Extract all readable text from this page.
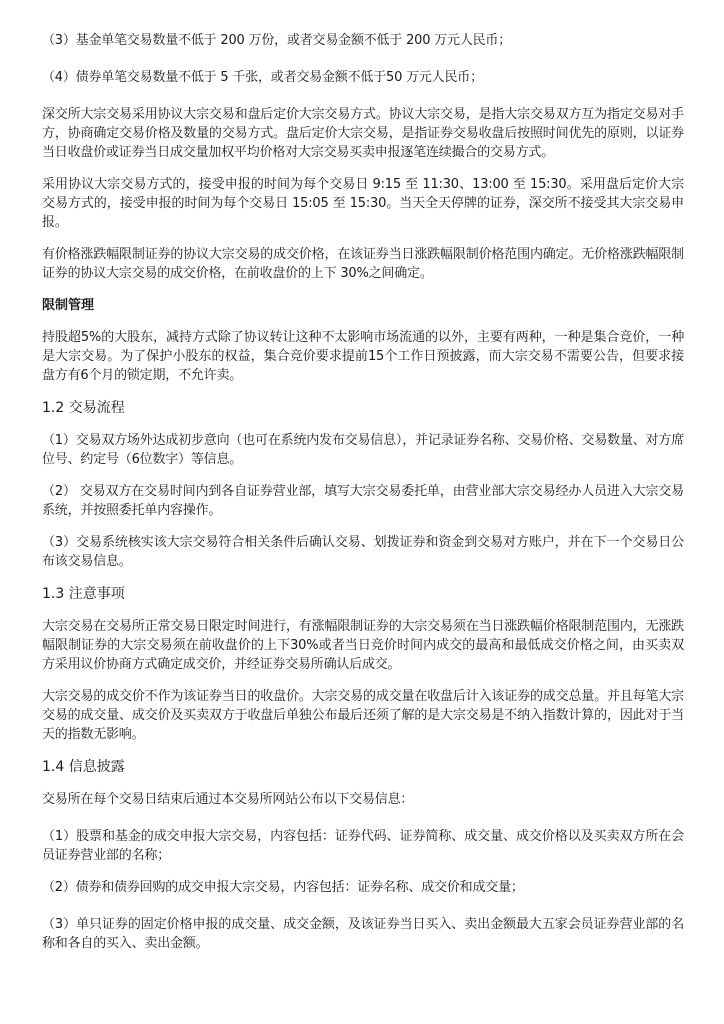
（3）基金单笔交易数量不低于 200 万份，或者交易金额不低于 200 万元人民币；

（4）债券单笔交易数量不低于 5 千张，或者交易金额不低于50 万元人民币；

深交所大宗交易采用协议大宗交易和盘后定价大宗交易方式。协议大宗交易，是指大宗交易双方互为指定交易对手方，协商确定交易价格及数量的交易方式。盘后定价大宗交易，是指证券交易收盘后按照时间优先的原则，以证券当日收盘价或证券当日成交量加权平均价格对大宗交易买卖申报逐笔连续撮合的交易方式。

采用协议大宗交易方式的，接受申报的时间为每个交易日 9:15 至 11:30、13:00 至 15:30。采用盘后定价大宗交易方式的，接受申报的时间为每个交易日 15:05 至 15:30。当天全天停牌的证券，深交所不接受其大宗交易申报。

有价格涨跌幅限制证券的协议大宗交易的成交价格，在该证券当日涨跌幅限制价格范围内确定。无价格涨跌幅限制证券的协议大宗交易的成交价格，在前收盘价的上下 30%之间确定。

限制管理

持股超5%的大股东，减持方式除了协议转让这种不太影响市场流通的以外，主要有两种，一种是集合竞价，一种是大宗交易。为了保护小股东的权益，集合竞价要求提前15个工作日预披露，而大宗交易不需要公告，但要求接盘方有6个月的锁定期，不允许卖。

1.2 交易流程

（1）交易双方场外达成初步意向（也可在系统内发布交易信息），并记录证券名称、交易价格、交易数量、对方席位号、约定号（6位数字）等信息。

（2） 交易双方在交易时间内到各自证券营业部，填写大宗交易委托单，由营业部大宗交易经办人员进入大宗交易系统，并按照委托单内容操作。

（3）交易系统核实该大宗交易符合相关条件后确认交易、划拨证券和资金到交易对方账户，并在下一个交易日公布该交易信息。

1.3 注意事项

大宗交易在交易所正常交易日限定时间进行，有涨幅限制证券的大宗交易须在当日涨跌幅价格限制范围内，无涨跌幅限制证券的大宗交易须在前收盘价的上下30%或者当日竞价时间内成交的最高和最低成交价格之间，由买卖双方采用议价协商方式确定成交价，并经证券交易所确认后成交。

大宗交易的成交价不作为该证券当日的收盘价。大宗交易的成交量在收盘后计入该证券的成交总量。并且每笔大宗交易的成交量、成交价及买卖双方于收盘后单独公布最后还须了解的是大宗交易是不纳入指数计算的，因此对于当天的指数无影响。

1.4 信息披露

交易所在每个交易日结束后通过本交易所网站公布以下交易信息：

（1）股票和基金的成交申报大宗交易，内容包括：证券代码、证券简称、成交量、成交价格以及买卖双方所在会员证券营业部的名称；

（2）债券和债券回购的成交申报大宗交易，内容包括：证券名称、成交价和成交量；

（3）单只证券的固定价格申报的成交量、成交金额，及该证券当日买入、卖出金额最大五家会员证券营业部的名称和各自的买入、卖出金额。
